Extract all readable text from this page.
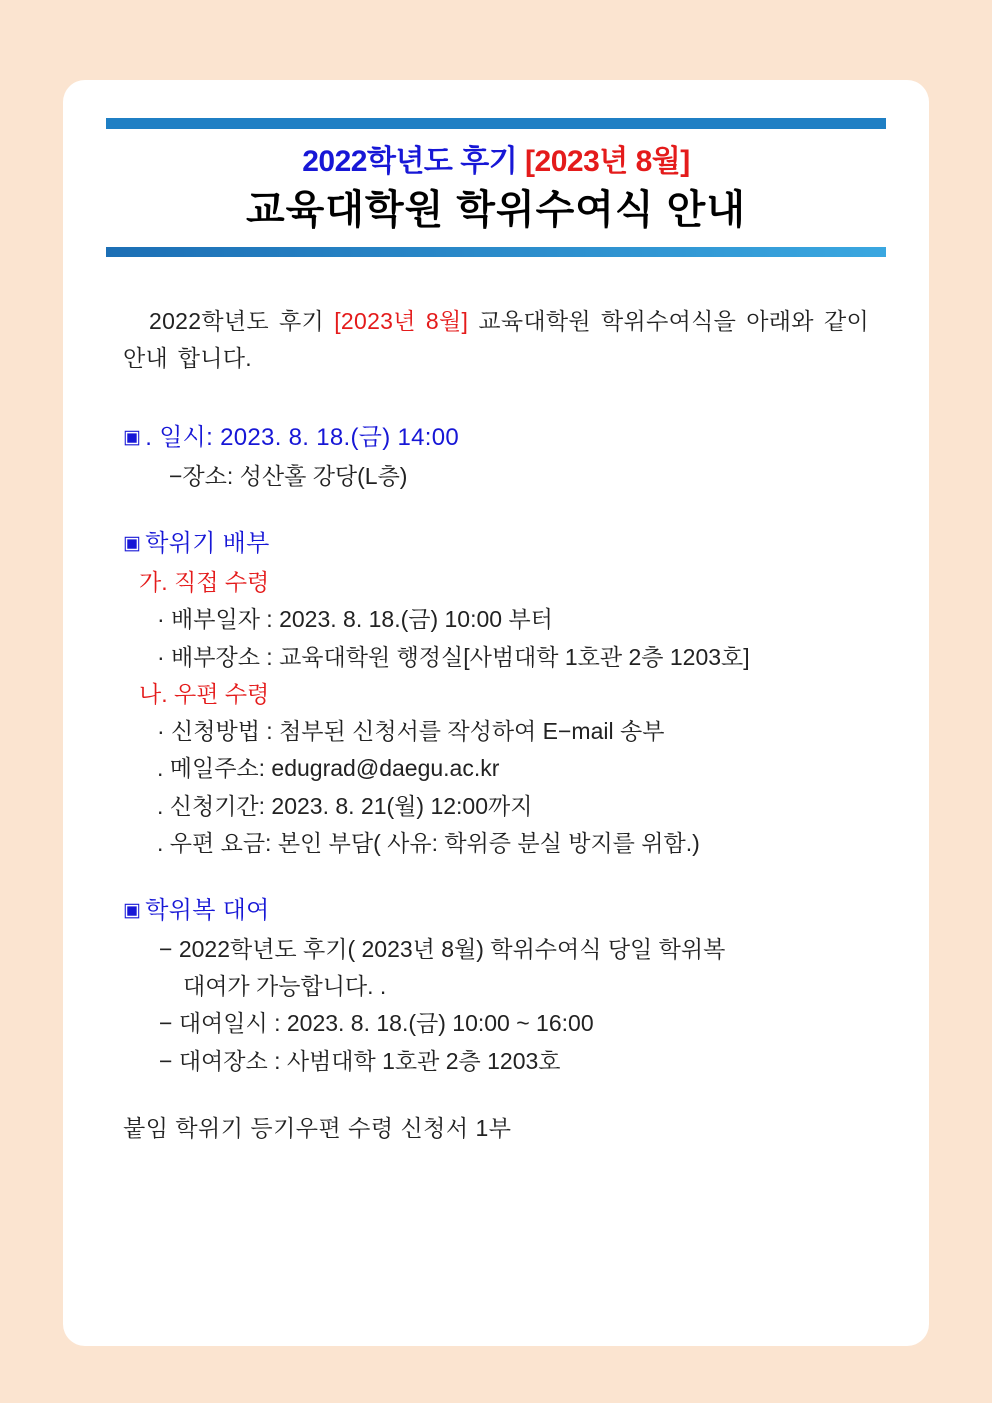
2022학년도 후기 [2023년 8월]
교육대학원 학위수여식 안내
2022학년도 후기 [2023년 8월] 교육대학원 학위수여식을 아래와 같이 안내 합니다.
▣ . 일시: 2023. 8. 18.(금) 14:00
−장소: 성산홀 강당(L층)
▣ 학위기 배부
가. 직접 수령
· 배부일자 : 2023. 8. 18.(금) 10:00 부터
· 배부장소 : 교육대학원 행정실[사범대학 1호관 2층 1203호]
나. 우편 수령
· 신청방법 : 첨부된 신청서를 작성하여 E−mail 송부
. 메일주소: edugrad@daegu.ac.kr
. 신청기간: 2023. 8. 21(월) 12:00까지
. 우편 요금: 본인 부담( 사유: 학위증 분실 방지를 위함.)
▣ 학위복 대여
− 2022학년도 후기( 2023년 8월) 학위수여식 당일 학위복
대여가 가능합니다. .
− 대여일시 : 2023. 8. 18.(금) 10:00 ~ 16:00
− 대여장소 : 사범대학 1호관 2층 1203호
붙임 학위기 등기우편 수령 신청서 1부
